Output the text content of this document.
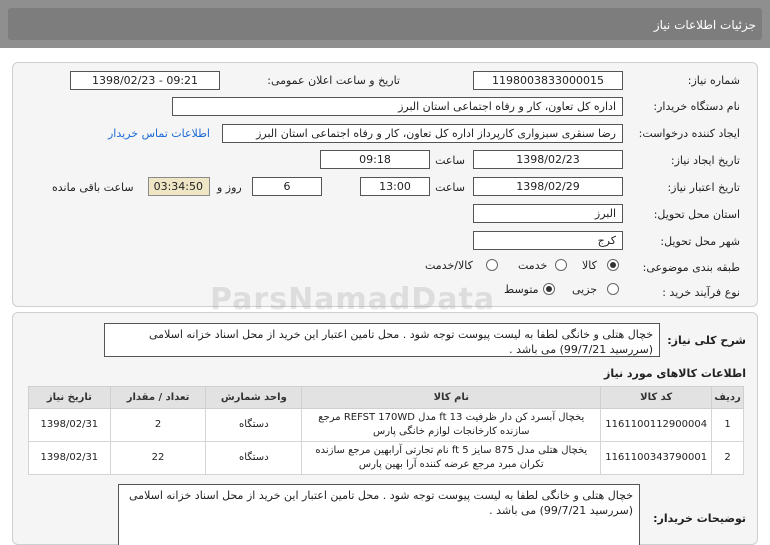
جزئیات اطلاعات نیاز
شماره نیاز:
1198003833000015
تاریخ و ساعت اعلان عمومی:
1398/02/23 - 09:21
نام دستگاه خریدار:
اداره کل تعاون، کار و رفاه اجتماعی استان البرز
ایجاد کننده درخواست:
رضا سنقری سبزواری کارپرداز اداره کل تعاون، کار و رفاه اجتماعی استان البرز
اطلاعات تماس خریدار
تاریخ ایجاد نیاز:
1398/02/23
ساعت
09:18
تاریخ اعتبار نیاز:
1398/02/29
ساعت
13:00
6
روز و
03:34:50
ساعت باقی مانده
استان محل تحویل:
البرز
شهر محل تحویل:
کرج
طبقه بندی موضوعی:
کالا
خدمت
کالا/خدمت
نوع فرآیند خرید :
جزیی
متوسط
شرح کلی نیاز:
خچال هتلی و خانگی لطفا به لیست پیوست توجه شود . محل تامین اعتبار این خرید از محل اسناد خزانه اسلامی (سررسید 99/7/21) می باشد .
اطلاعات کالاهای مورد نیاز
ردیف	کد کالا	نام کالا	واحد شمارش	تعداد / مقدار	تاریخ نیاز
1	1161100112900004	یخچال آبسرد کن دار ظرفیت 13 ft مدل REFST 170WD مرجع سازنده کارخانجات لوازم خانگی پارس	دستگاه	2	1398/02/31
2	1161100343790001	یخچال هتلی مدل 875 سایز 5 ft نام تجارتی آرابهین مرجع سازنده تکران مبرد مرجع عرضه کننده آرا بهین پارس	دستگاه	22	1398/02/31
توضیحات خریدار:
خچال هتلی و خانگی لطفا به لیست پیوست توجه شود . محل تامین اعتبار این خرید از محل اسناد خزانه اسلامی (سررسید 99/7/21) می باشد .
ParsNamadData
